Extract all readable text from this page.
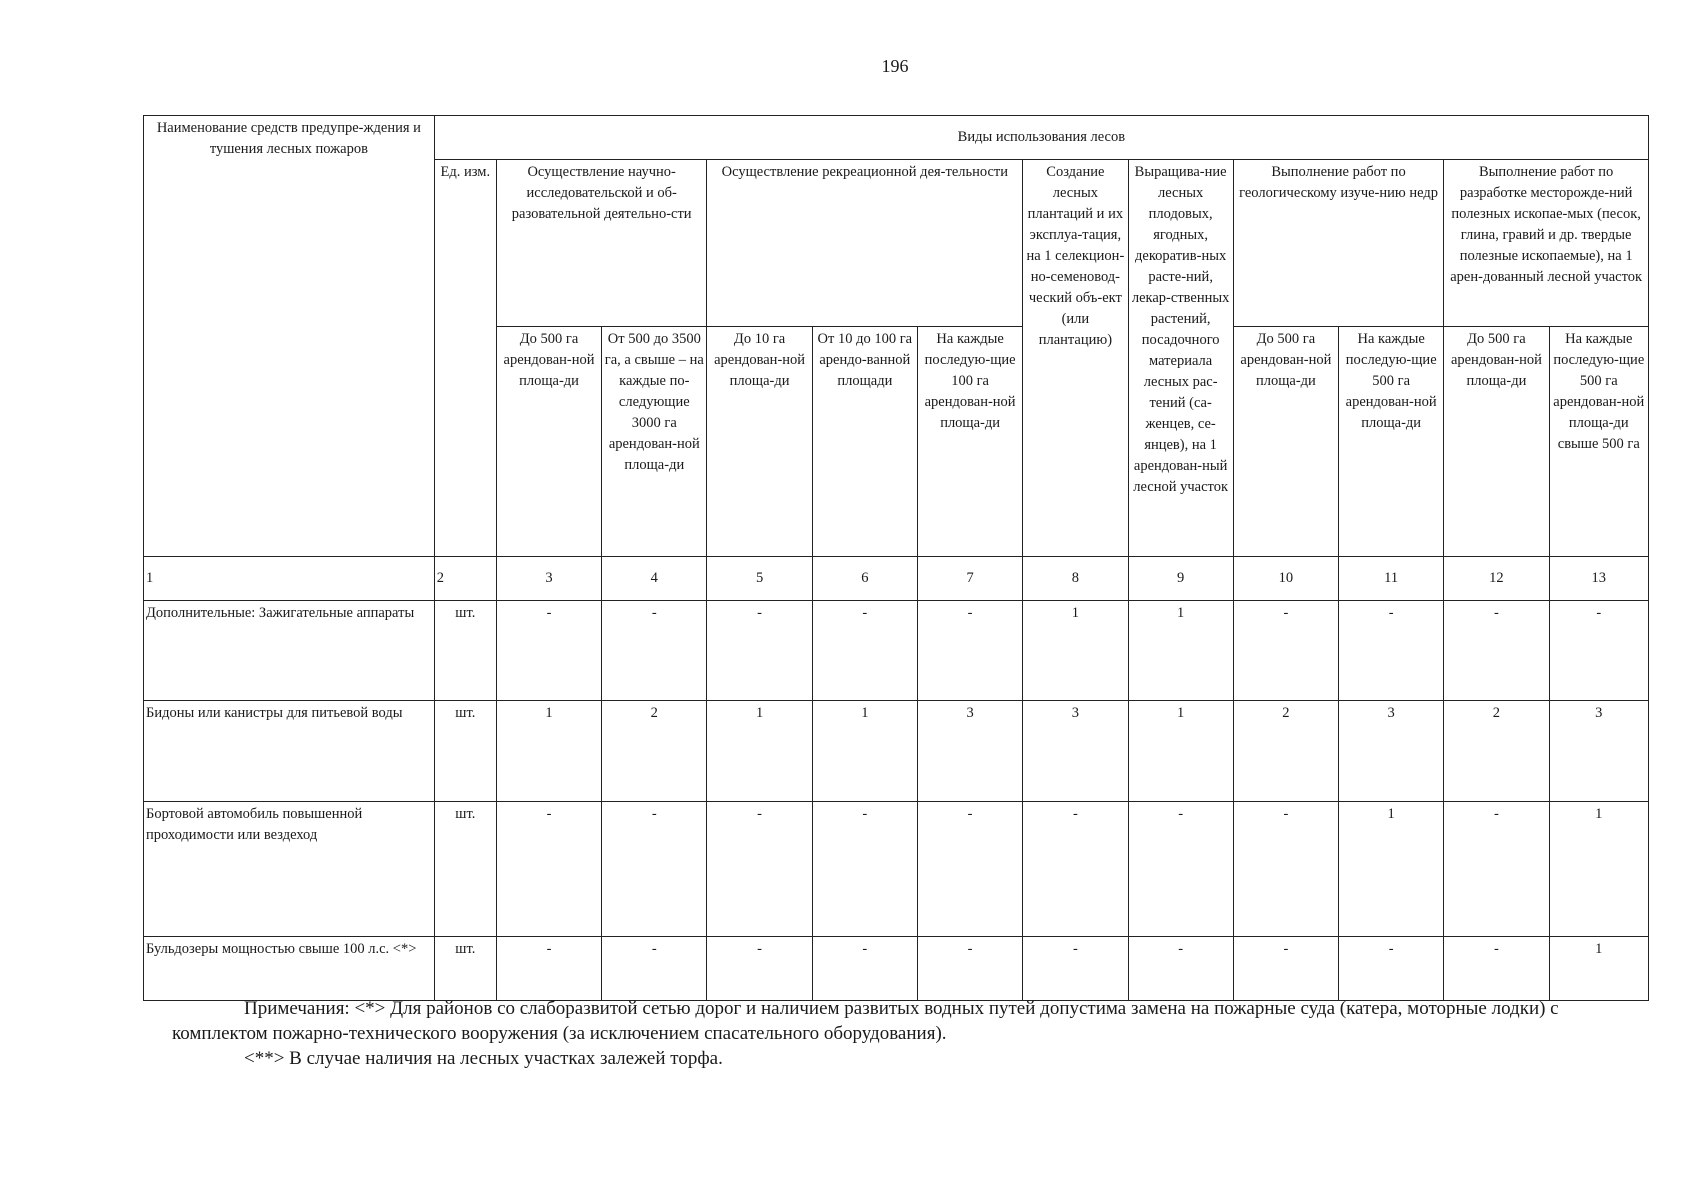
196
Наименование средств предупре-ждения и тушения лесных пожаров	Виды использования лесов											
	Ед. изм.	Осуществление научно-исследовательской и об-разовательной деятельно-сти		Осуществление рекреационной дея-тельности			Создание лесных плантаций и их эксплуа-тация, на 1 селекцион-но-семеновод-ческий объ-ект (или плантацию)	Выращива-ние лесных плодовых, ягодных, декоратив-ных расте-ний, лекар-ственных растений, посадочного материала лесных рас-тений (са-женцев, се-янцев), на 1 арендован-ный лесной участок	Выполнение работ по геологическому изуче-нию недр		Выполнение работ по разработке месторожде-ний полезных ископае-мых (песок, глина, гравий и др. твердые полезные ископаемые), на 1 арен-дованный лесной участок	
		До 500 га арендован-ной площа-ди	От 500 до 3500 га, а свыше – на каждые по-следующие 3000 га арендован-ной площа-ди	До 10 га арендован-ной площа-ди	От 10 до 100 га арендо-ванной площади	На каждые последую-щие 100 га арендован-ной площа-ди			До 500 га арендован-ной площа-ди	На каждые последую-щие 500 га арендован-ной площа-ди	До 500 га арендован-ной площа-ди	На каждые последую-щие 500 га арендован-ной площа-ди свыше 500 га
1	2	3	4	5	6	7	8	9	10	11	12	13
Дополнительные: Зажигательные аппараты	шт.	-	-	-	-	-	1	1	-	-	-	-
Бидоны или канистры для питьевой воды	шт.	1	2	1	1	3	3	1	2	3	2	3
Бортовой автомобиль повышенной проходимости или вездеход	шт.	-	-	-	-	-	-	-	-	1	-	1
Бульдозеры мощностью свыше 100 л.с. <*>	шт.	-	-	-	-	-	-	-	-	-	-	1

Примечания: <*> Для районов со слаборазвитой сетью дорог и наличием развитых водных путей допустима замена на пожарные суда (катера, моторные лодки) с комплектом пожарно-технического вооружения (за исключением спасательного оборудования).

<**> В случае наличия на лесных участках залежей торфа.
